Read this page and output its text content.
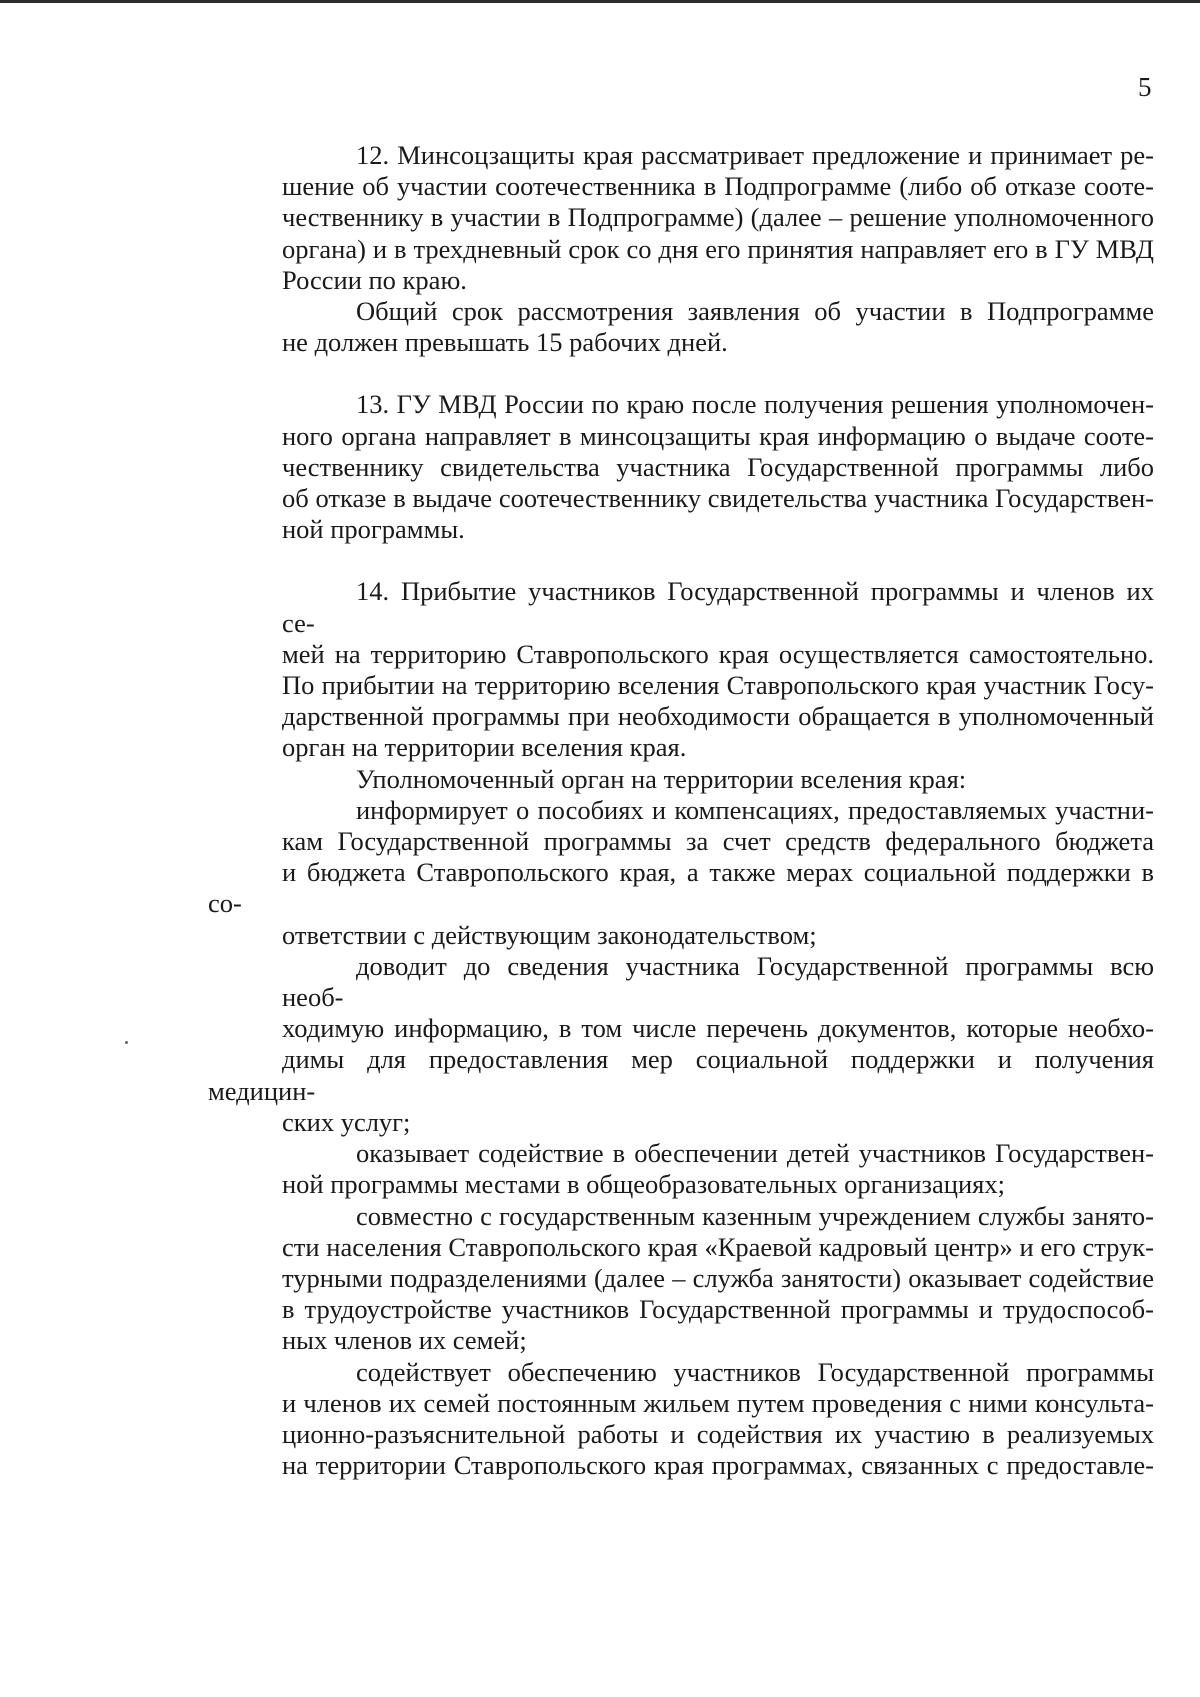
5
12. Минсоцзащиты края рассматривает предложение и принимает ре-
шение об участии соотечественника в Подпрограмме (либо об отказе сооте-
чественнику в участии в Подпрограмме) (далее – решение уполномоченного
органа) и в трехдневный срок со дня его принятия направляет его в ГУ МВД
России по краю.
Общий срок рассмотрения заявления об участии в Подпрограмме
не должен превышать 15 рабочих дней.
13. ГУ МВД России по краю после получения решения уполномочен-
ного органа направляет в минсоцзащиты края информацию о выдаче сооте-
чественнику свидетельства участника Государственной программы либо
об отказе в выдаче соотечественнику свидетельства участника Государствен-
ной программы.
14. Прибытие участников Государственной программы и членов их се-
мей на территорию Ставропольского края осуществляется самостоятельно.
По прибытии на территорию вселения Ставропольского края участник Госу-
дарственной программы при необходимости обращается в уполномоченный
орган на территории вселения края.
Уполномоченный орган на территории вселения края:
информирует о пособиях и компенсациях, предоставляемых участни-
кам Государственной программы за счет средств федерального бюджета
и бюджета Ставропольского края, а также мерах социальной поддержки в со-
ответствии с действующим законодательством;
доводит до сведения участника Государственной программы всю необ-
ходимую информацию, в том числе перечень документов, которые необхо-
димы для предоставления мер социальной поддержки и получения медицин-
ских услуг;
оказывает содействие в обеспечении детей участников Государствен-
ной программы местами в общеобразовательных организациях;
совместно с государственным казенным учреждением службы занято-
сти населения Ставропольского края «Краевой кадровый центр» и его струк-
турными подразделениями (далее – служба занятости) оказывает содействие
в трудоустройстве участников Государственной программы и трудоспособ-
ных членов их семей;
содействует обеспечению участников Государственной программы
и членов их семей постоянным жильем путем проведения с ними консульта-
ционно-разъяснительной работы и содействия их участию в реализуемых
на территории Ставропольского края программах, связанных с предоставле-
